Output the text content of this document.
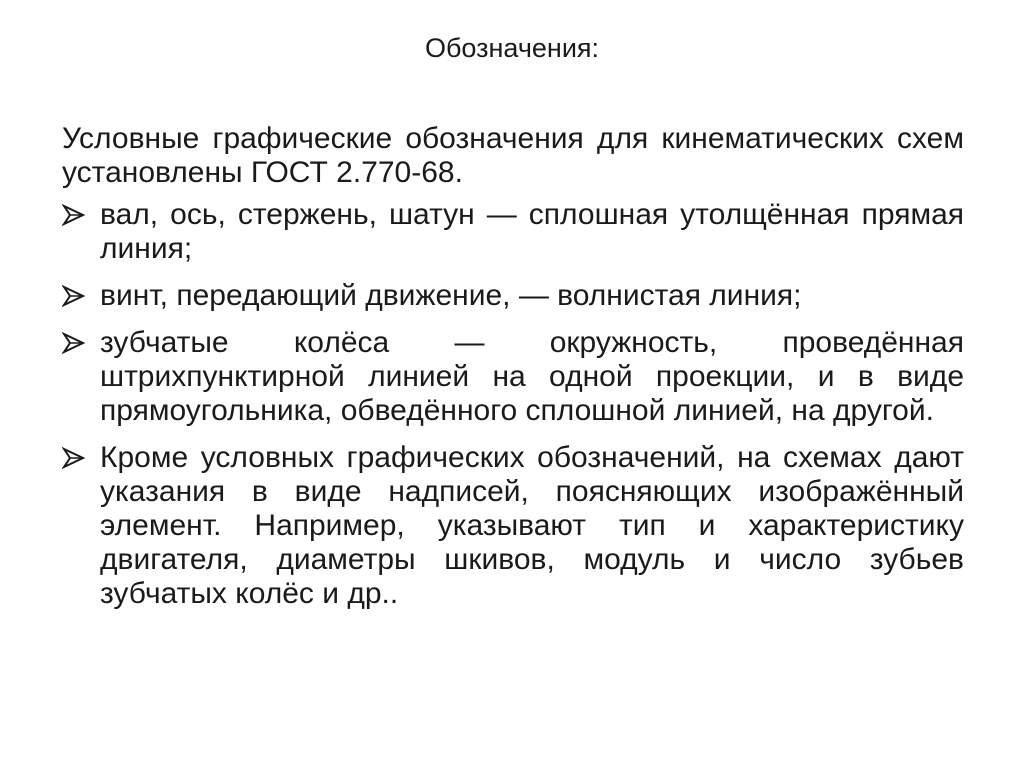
Обозначения:
Условные графические обозначения для кинематических схем установлены ГОСТ 2.770-68.
вал, ось, стержень, шатун — сплошная утолщённая прямая линия;
винт, передающий движение, — волнистая линия;
зубчатые колёса — окружность, проведённая штрихпунктирной линией на одной проекции, и в виде прямоугольника, обведённого сплошной линией, на другой.
Кроме условных графических обозначений, на схемах дают указания в виде надписей, поясняющих изображённый элемент. Например, указывают тип и характеристику двигателя, диаметры шкивов, модуль и число зубьев зубчатых колёс и др..
